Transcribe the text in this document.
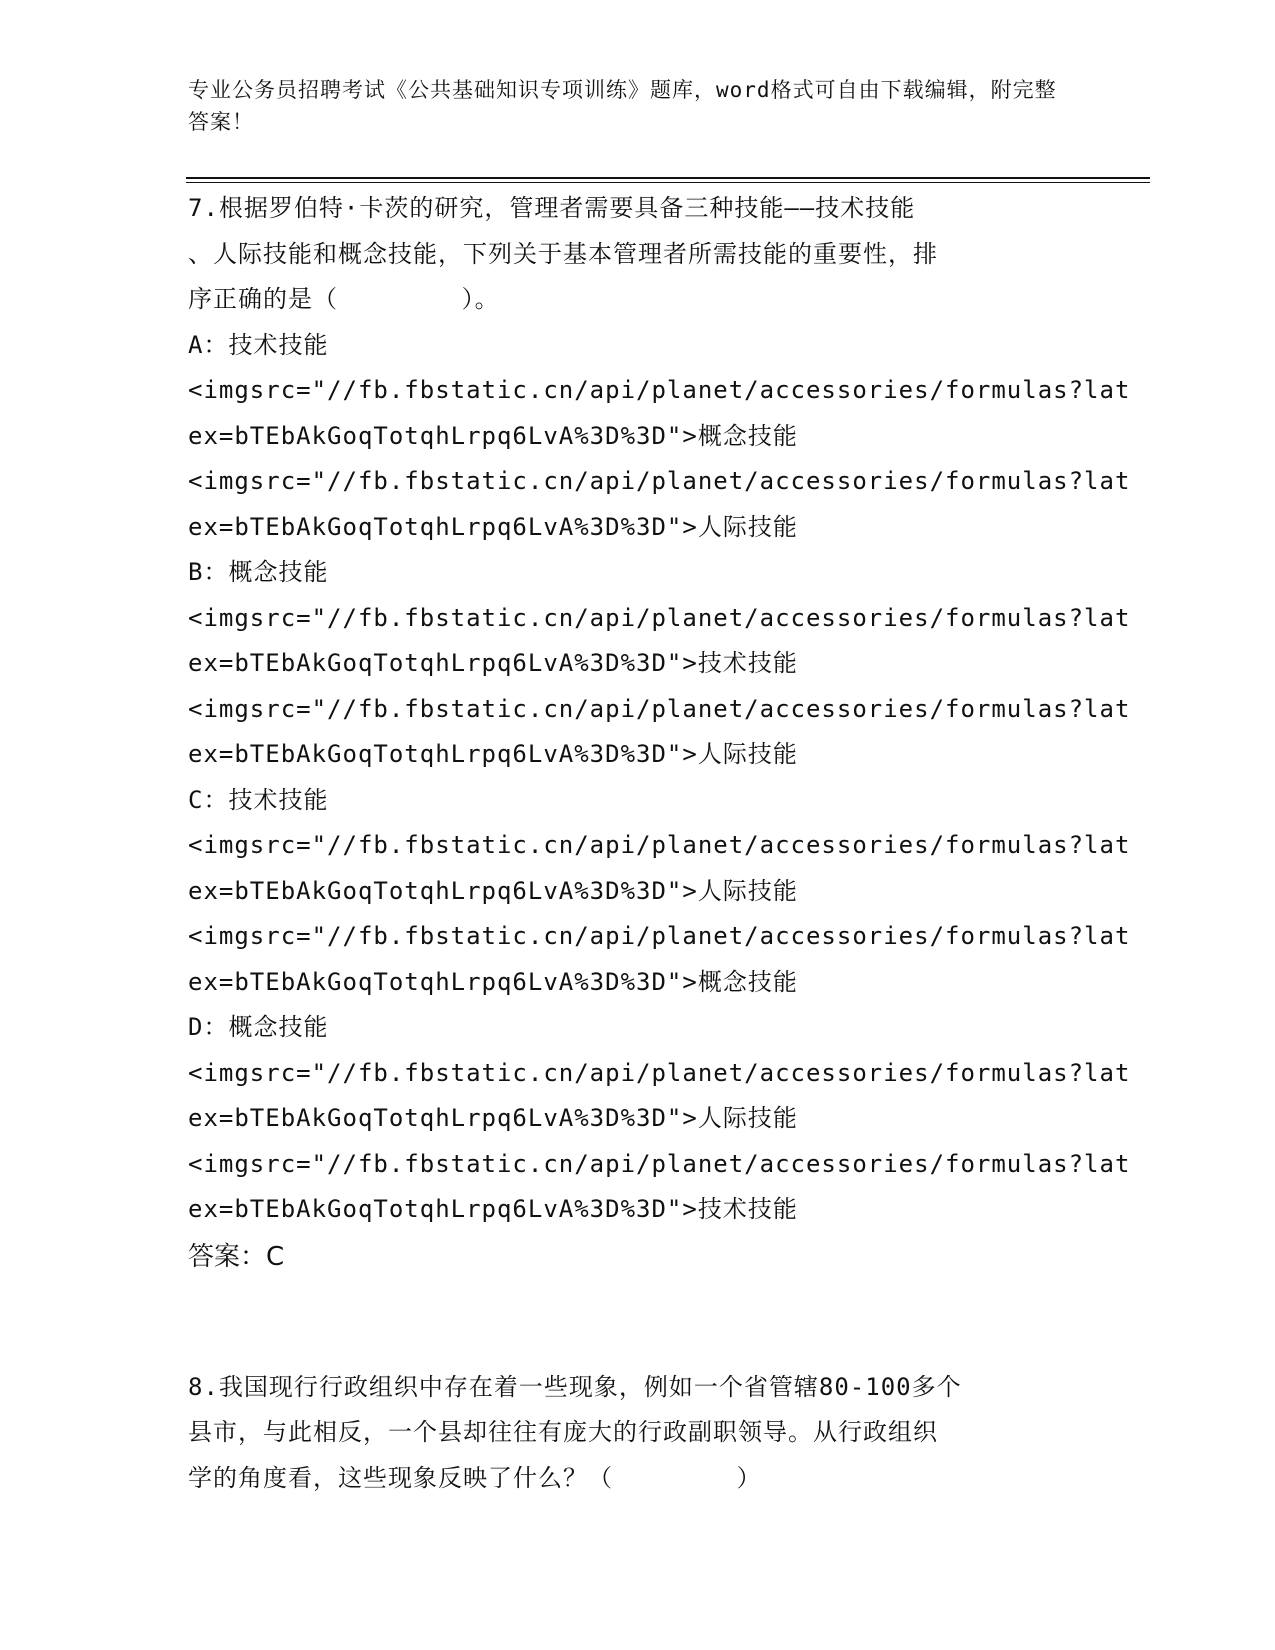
专业公务员招聘考试《公共基础知识专项训练》题库，word格式可自由下载编辑，附完整答案！
7.根据罗伯特·卡茨的研究，管理者需要具备三种技能——技术技能
、人际技能和概念技能，下列关于基本管理者所需技能的重要性，排
序正确的是（        ）。
A：技术技能
<imgsrc="//fb.fbstatic.cn/api/planet/accessories/formulas?lat
ex=bTEbAkGoqTotqhLrpq6LvA%3D%3D">概念技能
<imgsrc="//fb.fbstatic.cn/api/planet/accessories/formulas?lat
ex=bTEbAkGoqTotqhLrpq6LvA%3D%3D">人际技能
B：概念技能
<imgsrc="//fb.fbstatic.cn/api/planet/accessories/formulas?lat
ex=bTEbAkGoqTotqhLrpq6LvA%3D%3D">技术技能
<imgsrc="//fb.fbstatic.cn/api/planet/accessories/formulas?lat
ex=bTEbAkGoqTotqhLrpq6LvA%3D%3D">人际技能
C：技术技能
<imgsrc="//fb.fbstatic.cn/api/planet/accessories/formulas?lat
ex=bTEbAkGoqTotqhLrpq6LvA%3D%3D">人际技能
<imgsrc="//fb.fbstatic.cn/api/planet/accessories/formulas?lat
ex=bTEbAkGoqTotqhLrpq6LvA%3D%3D">概念技能
D：概念技能
<imgsrc="//fb.fbstatic.cn/api/planet/accessories/formulas?lat
ex=bTEbAkGoqTotqhLrpq6LvA%3D%3D">人际技能
<imgsrc="//fb.fbstatic.cn/api/planet/accessories/formulas?lat
ex=bTEbAkGoqTotqhLrpq6LvA%3D%3D">技术技能
答案：C
8.我国现行行政组织中存在着一些现象，例如一个省管辖80-100多个
县市，与此相反，一个县却往往有庞大的行政副职领导。从行政组织
学的角度看，这些现象反映了什么？（        ）
